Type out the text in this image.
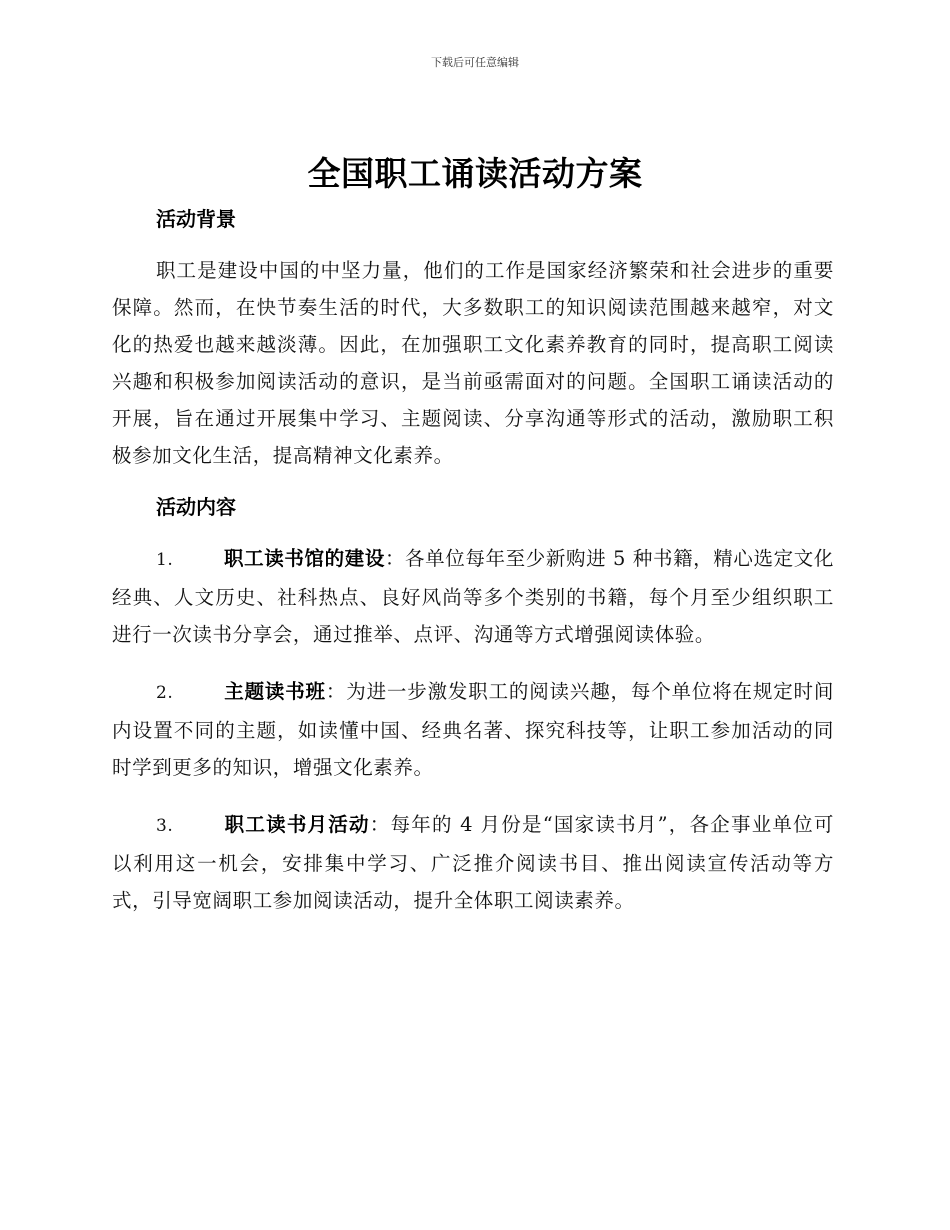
下载后可任意编辑
全国职工诵读活动方案
活动背景

职工是建设中国的中坚力量，他们的工作是国家经济繁荣和社会进步的重要保障。然而，在快节奏生活的时代，大多数职工的知识阅读范围越来越窄，对文化的热爱也越来越淡薄。因此，在加强职工文化素养教育的同时，提高职工阅读兴趣和积极参加阅读活动的意识，是当前亟需面对的问题。全国职工诵读活动的开展，旨在通过开展集中学习、主题阅读、分享沟通等形式的活动，激励职工积极参加文化生活，提高精神文化素养。

活动内容

1.	职工读书馆的建设：各单位每年至少新购进 5 种书籍，精心选定文化经典、人文历史、社科热点、良好风尚等多个类别的书籍，每个月至少组织职工进行一次读书分享会，通过推举、点评、沟通等方式增强阅读体验。

2.	主题读书班：为进一步激发职工的阅读兴趣，每个单位将在规定时间内设置不同的主题，如读懂中国、经典名著、探究科技等，让职工参加活动的同时学到更多的知识，增强文化素养。

3.	职工读书月活动：每年的 4 月份是“国家读书月”，各企事业单位可以利用这一机会，安排集中学习、广泛推介阅读书目、推出阅读宣传活动等方式，引导宽阔职工参加阅读活动，提升全体职工阅读素养。
